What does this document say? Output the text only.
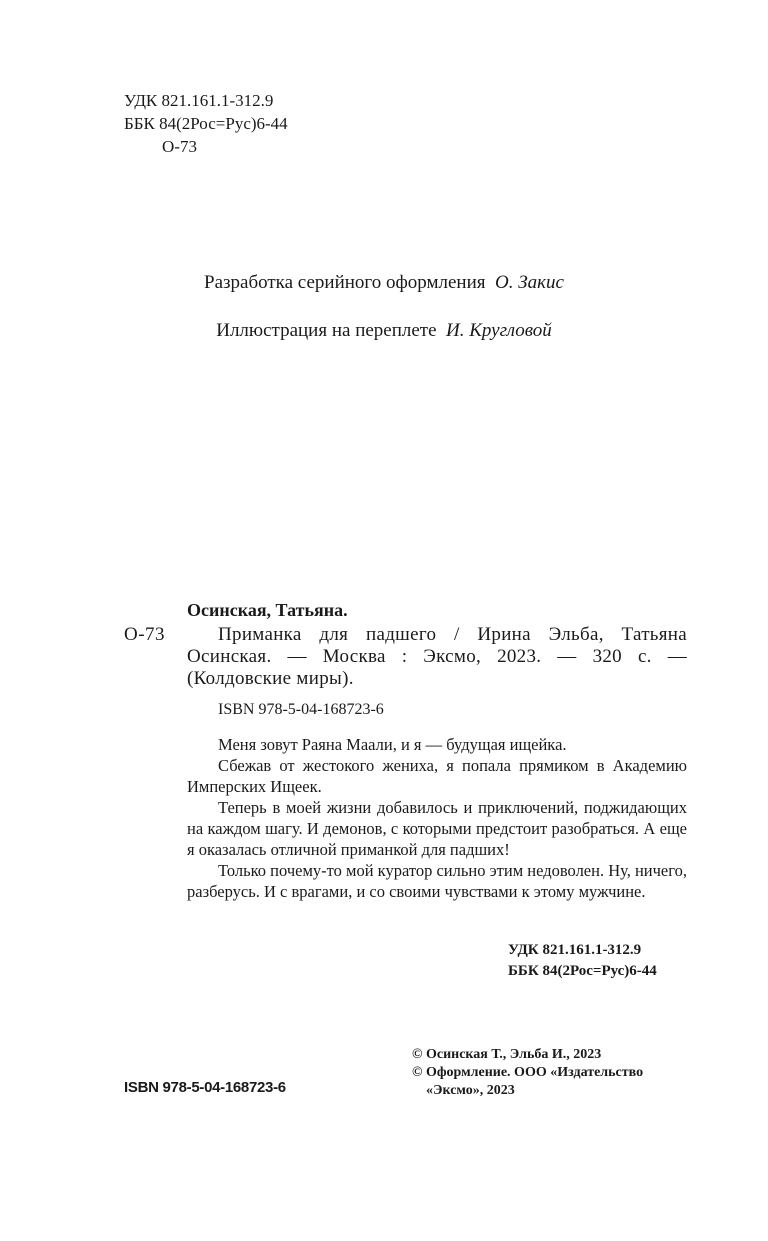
УДК 821.161.1-312.9
ББК 84(2Рос=Рус)6-44
О-73
Разработка серийного оформления О. Закис
Иллюстрация на переплете И. Кругловой
Осинская, Татьяна.
О-73	Приманка для падшего / Ирина Эльба, Татьяна Осинская. — Москва : Эксмо, 2023. — 320 с. — (Колдовские миры).
ISBN 978-5-04-168723-6

Меня зовут Раяна Маали, и я — будущая ищейка.

Сбежав от жестокого жениха, я попала прямиком в Академию Имперских Ищеек.

Теперь в моей жизни добавилось и приключений, поджидающих на каждом шагу. И демонов, с которыми предстоит разобраться. А еще я оказалась отличной приманкой для падших!

Только почему-то мой куратор сильно этим недоволен. Ну, ничего, разберусь. И с врагами, и со своими чувствами к этому мужчине.

УДК 821.161.1-312.9
ББК 84(2Рос=Рус)6-44
ISBN 978-5-04-168723-6
© Осинская Т., Эльба И., 2023
© Оформление. ООО «Издательство
«Эксмо», 2023
